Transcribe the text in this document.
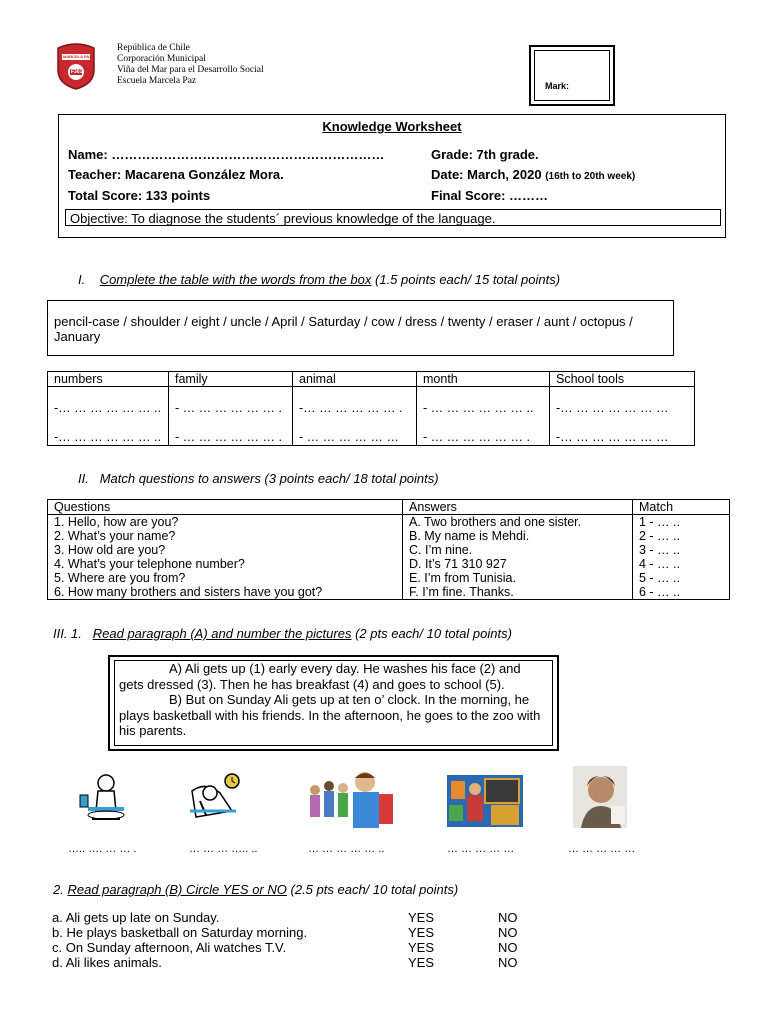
MARCELA PAZ
F361
República de Chile
Corporación Municipal
Viña del Mar para el Desarrollo Social
Escuela Marcela Paz	Mark:
Knowledge Worksheet
Name: ………………………………………………………	Grade: 7th grade.
Teacher: Macarena González Mora.	Date: March, 2020 (16th to 20th week)
Total Score: 133 points	Final Score: ………
Objective: To diagnose the students´ previous knowledge of the language.
I. Complete the table with the words from the box (1.5 points each/ 15 total points)
pencil-case / shoulder / eight / uncle / April / Saturday / cow / dress / twenty / eraser / aunt / octopus / January
numbers	family	animal	month	School tools
-… … … … … … ..	- … … … … … … .	-… … … … … … .	- … … … … … … ..	-… … … … … … …
-… … … … … … ..	- … … … … … … .	- … … … … … …	- … … … … … … .	-… … … … … … …
II. Match questions to answers (3 points each/ 18 total points)
Questions	Answers	Match
1. Hello, how are you?	A. Two brothers and one sister.	1 - … ..
2. What’s your name?	B. My name is Mehdi.	2 - … ..
3. How old are you?	C. I’m nine.	3 - … ..
4. What’s your telephone number?	D. It’s 71 310 927	4 - … ..
5. Where are you from?	E. I’m from Tunisia.	5 - … ..
6. How many brothers and sisters have you got?	F. I’m fine. Thanks.	6 - … ..
III. 1. Read paragraph (A) and number the pictures (2 pts each/ 10 total points)
A) Ali gets up (1) early every day. He washes his face (2) and gets dressed (3). Then he has breakfast (4) and goes to school (5).
B) But on Sunday Ali gets up at ten o’ clock. In the morning, he plays basketball with his friends. In the afternoon, he goes to the zoo with his parents.
….. …. … … .	… … … ….. ..	… … … … … ..	… … … … …	… … … … …
2. Read paragraph (B) Circle YES or NO (2.5 pts each/ 10 total points)
a. Ali gets up late on Sunday.	YES	NO
b. He plays basketball on Saturday morning.	YES	NO
c. On Sunday afternoon, Ali watches T.V.	YES	NO
d. Ali likes animals.	YES	NO
